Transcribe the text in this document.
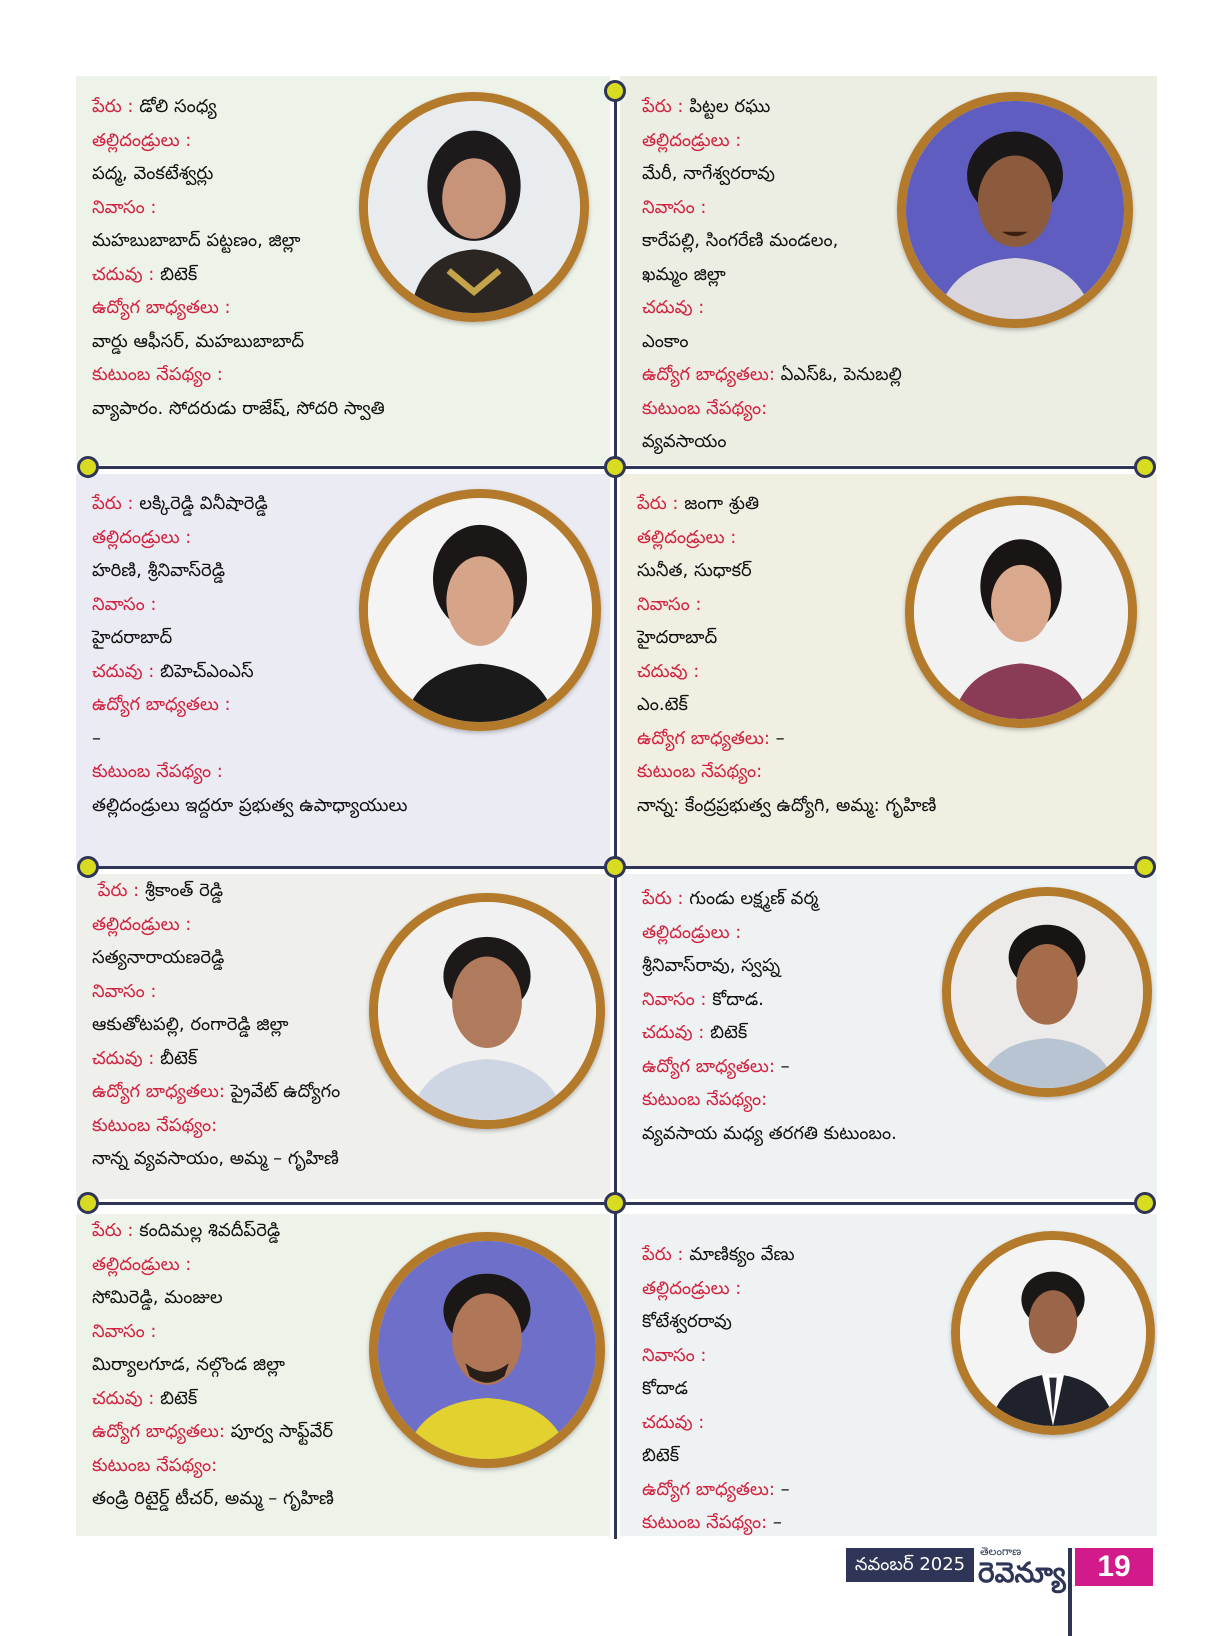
పేరు : డోలి సంధ్య
తల్లిదండ్రులు :
పద్మ, వెంకటేశ్వర్లు
నివాసం :
మహబుబాబాద్ పట్టణం, జిల్లా
చదువు : బిటెక్
ఉద్యోగ బాధ్యతలు :
వార్డు ఆఫీసర్, మహబుబాబాద్
కుటుంబ నేపథ్యం :
వ్యాపారం. సోదరుడు రాజేష్, సోదరి స్వాతి
పేరు : పిట్టల రఘు
తల్లిదండ్రులు :
మేరీ, నాగేశ్వరరావు
నివాసం :
కారేపల్లి, సింగరేణి మండలం,
ఖమ్మం జిల్లా
చదువు :
ఎంకాం
ఉద్యోగ బాధ్యతలు: ఏఎస్ఓ, పెనుబల్లి
కుటుంబ నేపథ్యం:
వ్యవసాయం
పేరు : లక్కిరెడ్డి వినీషారెడ్డి
తల్లిదండ్రులు :
హరిణి, శ్రీనివాస్‌రెడ్డి
నివాసం :
హైదరాబాద్
చదువు : బిహెచ్‌ఎంఎస్
ఉద్యోగ బాధ్యతలు :
–
కుటుంబ నేపథ్యం :
తల్లిదండ్రులు ఇద్దరూ ప్రభుత్వ ఉపాధ్యాయులు
పేరు : జంగా శ్రుతి
తల్లిదండ్రులు :
సునీత, సుధాకర్
నివాసం :
హైదరాబాద్
చదువు :
ఎం.టెక్
ఉద్యోగ బాధ్యతలు: –
కుటుంబ నేపథ్యం:
నాన్న: కేంద్రప్రభుత్వ ఉద్యోగి, అమ్మ: గృహిణి
పేరు : శ్రీకాంత్ రెడ్డి
తల్లిదండ్రులు :
సత్యనారాయణరెడ్డి
నివాసం :
ఆకుతోటపల్లి, రంగారెడ్డి జిల్లా
చదువు : బీటెక్
ఉద్యోగ బాధ్యతలు: ప్రైవేట్ ఉద్యోగం
కుటుంబ నేపథ్యం:
నాన్న వ్యవసాయం, అమ్మ – గృహిణి
పేరు : గుండు లక్ష్మణ్ వర్మ
తల్లిదండ్రులు :
శ్రీనివాస్‌రావు, స్వప్న
నివాసం : కోదాడ.
చదువు : బిటెక్
ఉద్యోగ బాధ్యతలు: –
కుటుంబ నేపథ్యం:
వ్యవసాయ మధ్య తరగతి కుటుంబం.
పేరు : కందిమల్ల శివదీప్‌రెడ్డి
తల్లిదండ్రులు :
సోమిరెడ్డి, మంజుల
నివాసం :
మిర్యాలగూడ, నల్గొండ జిల్లా
చదువు : బిటెక్
ఉద్యోగ బాధ్యతలు: పూర్వ సాఫ్ట్‌వేర్
కుటుంబ నేపథ్యం:
తండ్రి రిటైర్డ్ టీచర్, అమ్మ – గృహిణి
పేరు : మాణిక్యం వేణు
తల్లిదండ్రులు :
కోటేశ్వరరావు
నివాసం :
కోదాడ
చదువు :
బిటెక్
ఉద్యోగ బాధ్యతలు: –
కుటుంబ నేపథ్యం: –
నవంబర్ 2025
తెలంగాణ
రెవెన్యూ	19
